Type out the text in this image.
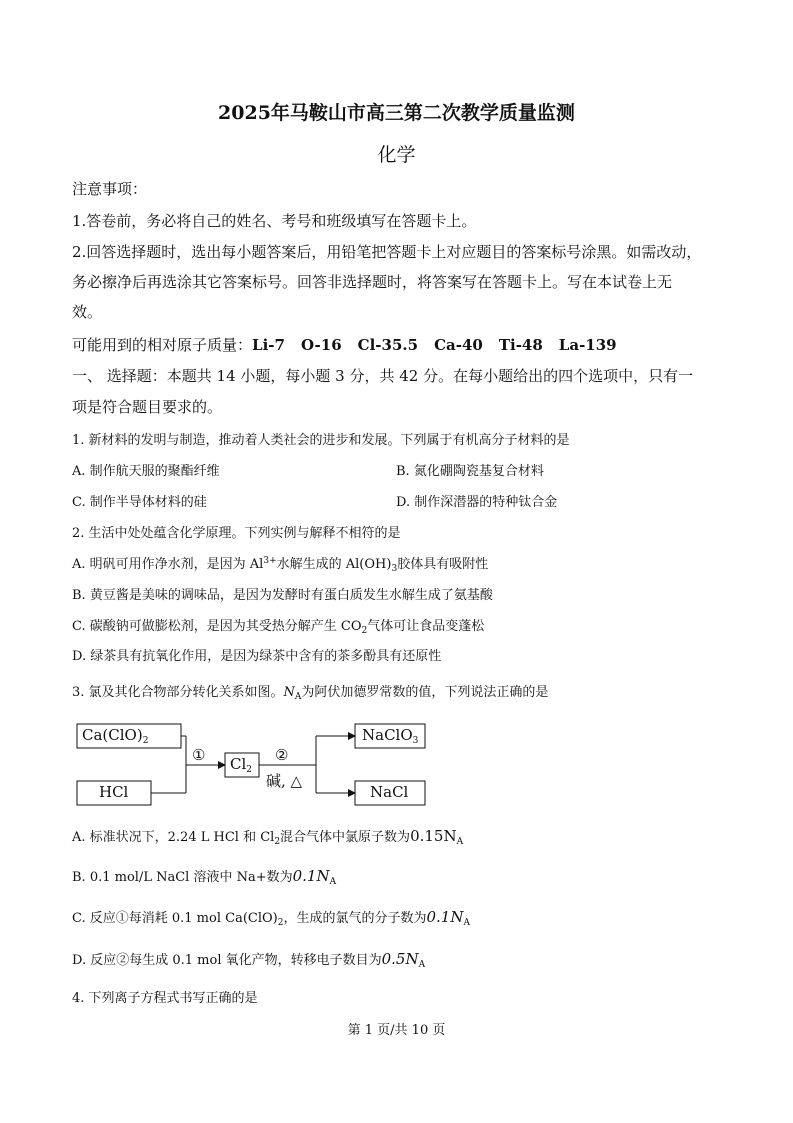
2025年马鞍山市高三第二次教学质量监测
化学
注意事项：
1.答卷前，务必将自己的姓名、考号和班级填写在答题卡上。
2.回答选择题时，选出每小题答案后，用铅笔把答题卡上对应题目的答案标号涂黑。如需改动，
务必擦净后再选涂其它答案标号。回答非选择题时，将答案写在答题卡上。写在本试卷上无
效。
可能用到的相对原子质量：Li-7 O-16 Cl-35.5 Ca-40 Ti-48 La-139
一、 选择题：本题共 14 小题，每小题 3 分，共 42 分。在每小题给出的四个选项中，只有一
项是符合题目要求的。
1. 新材料的发明与制造，推动着人类社会的进步和发展。下列属于有机高分子材料的是
A. 制作航天服的聚酯纤维	B. 氮化硼陶瓷基复合材料
C. 制作半导体材料的硅	D. 制作深潜器的特种钛合金
2. 生活中处处蕴含化学原理。下列实例与解释不相符的是
A. 明矾可用作净水剂，是因为 $Al^{3+}$水解生成的 $Al(OH)_3$胶体具有吸附性
B. 黄豆酱是美味的调味品，是因为发酵时有蛋白质发生水解生成了氨基酸
C. 碳酸钠可做膨松剂，是因为其受热分解产生 $CO_2$气体可让食品变蓬松
D. 绿茶具有抗氧化作用，是因为绿茶中含有的茶多酚具有还原性
3. 氯及其化合物部分转化关系如图。$N_A$为阿伏加德罗常数的值，下列说法正确的是
$Ca(ClO)_2$
HCl
$Cl_2$
①	②
碱, △
NaClO$_3$
NaCl
A. 标准状况下，2.24 L HCl 和 $Cl_2$混合气体中氯原子数为$0.15N_A$
B. 0.1 mol/L NaCl 溶液中 Na+数为$0.1N_A$
C. 反应①每消耗 0.1 mol $Ca(ClO)_2$，生成的氯气的分子数为$0.1N_A$
D. 反应②每生成 0.1 mol 氧化产物，转移电子数目为$0.5N_A$
4. 下列离子方程式书写正确的是
第 1 页/共 10 页
